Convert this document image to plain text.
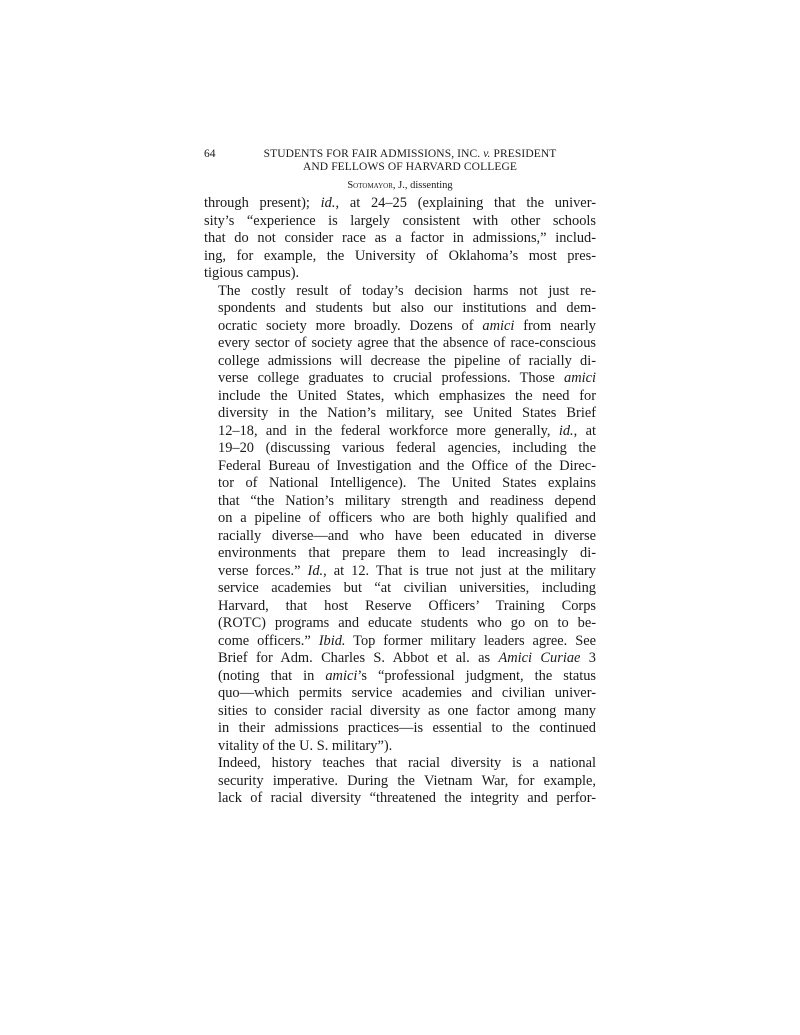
64	STUDENTS FOR FAIR ADMISSIONS, INC. v. PRESIDENT
AND FELLOWS OF HARVARD COLLEGE
Sotomayor, J., dissenting

through present); id., at 24–25 (explaining that the univer-
sity’s “experience is largely consistent with other schools
that do not consider race as a factor in admissions,” includ-
ing, for example, the University of Oklahoma’s most pres-
tigious campus).

The costly result of today’s decision harms not just re-
spondents and students but also our institutions and dem-
ocratic society more broadly. Dozens of amici from nearly
every sector of society agree that the absence of race-conscious
college admissions will decrease the pipeline of racially di-
verse college graduates to crucial professions. Those amici
include the United States, which emphasizes the need for
diversity in the Nation’s military, see United States Brief
12–18, and in the federal workforce more generally, id., at
19–20 (discussing various federal agencies, including the
Federal Bureau of Investigation and the Office of the Direc-
tor of National Intelligence). The United States explains
that “the Nation’s military strength and readiness depend
on a pipeline of officers who are both highly qualified and
racially diverse—and who have been educated in diverse
environments that prepare them to lead increasingly di-
verse forces.” Id., at 12. That is true not just at the military
service academies but “at civilian universities, including
Harvard, that host Reserve Officers’ Training Corps
(ROTC) programs and educate students who go on to be-
come officers.” Ibid. Top former military leaders agree. See
Brief for Adm. Charles S. Abbot et al. as Amici Curiae 3
(noting that in amici’s “professional judgment, the status
quo—which permits service academies and civilian univer-
sities to consider racial diversity as one factor among many
in their admissions practices—is essential to the continued
vitality of the U. S. military”).

Indeed, history teaches that racial diversity is a national
security imperative. During the Vietnam War, for example,
lack of racial diversity “threatened the integrity and perfor-
